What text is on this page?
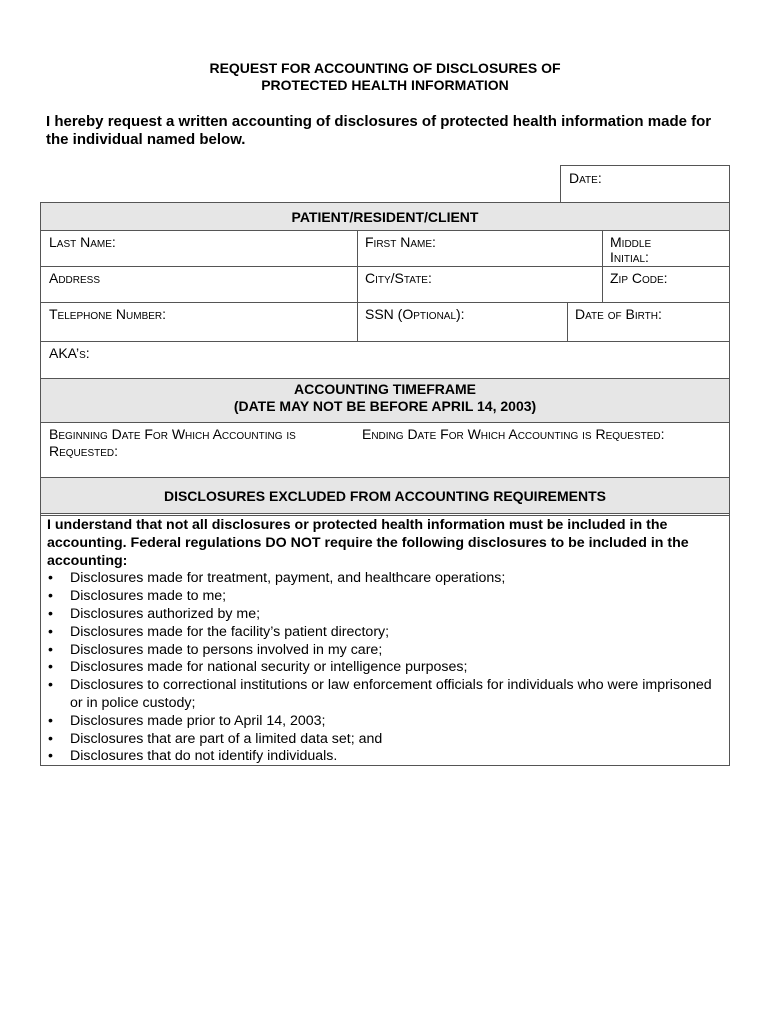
REQUEST FOR ACCOUNTING OF DISCLOSURES OF
PROTECTED HEALTH INFORMATION
I hereby request a written accounting of disclosures of protected health information made for the individual named below.
Date:
PATIENT/RESIDENT/CLIENT
Last Name:	First Name:	Middle
Initial:
Address	City/State:	Zip Code:
Telephone Number:	SSN (Optional):	Date of Birth:
AKA’s:
ACCOUNTING TIMEFRAME
(DATE MAY NOT BE BEFORE APRIL 14, 2003)
Beginning Date For Which Accounting is Requested:
Ending Date For Which Accounting is Requested:
DISCLOSURES EXCLUDED FROM ACCOUNTING REQUIREMENTS
I understand that not all disclosures or protected health information must be included in the accounting. Federal regulations DO NOT require the following disclosures to be included in the accounting:
• Disclosures made for treatment, payment, and healthcare operations;
• Disclosures made to me;
• Disclosures authorized by me;
• Disclosures made for the facility’s patient directory;
• Disclosures made to persons involved in my care;
• Disclosures made for national security or intelligence purposes;
• Disclosures to correctional institutions or law enforcement officials for individuals who were imprisoned or in police custody;
• Disclosures made prior to April 14, 2003;
• Disclosures that are part of a limited data set; and
• Disclosures that do not identify individuals.
